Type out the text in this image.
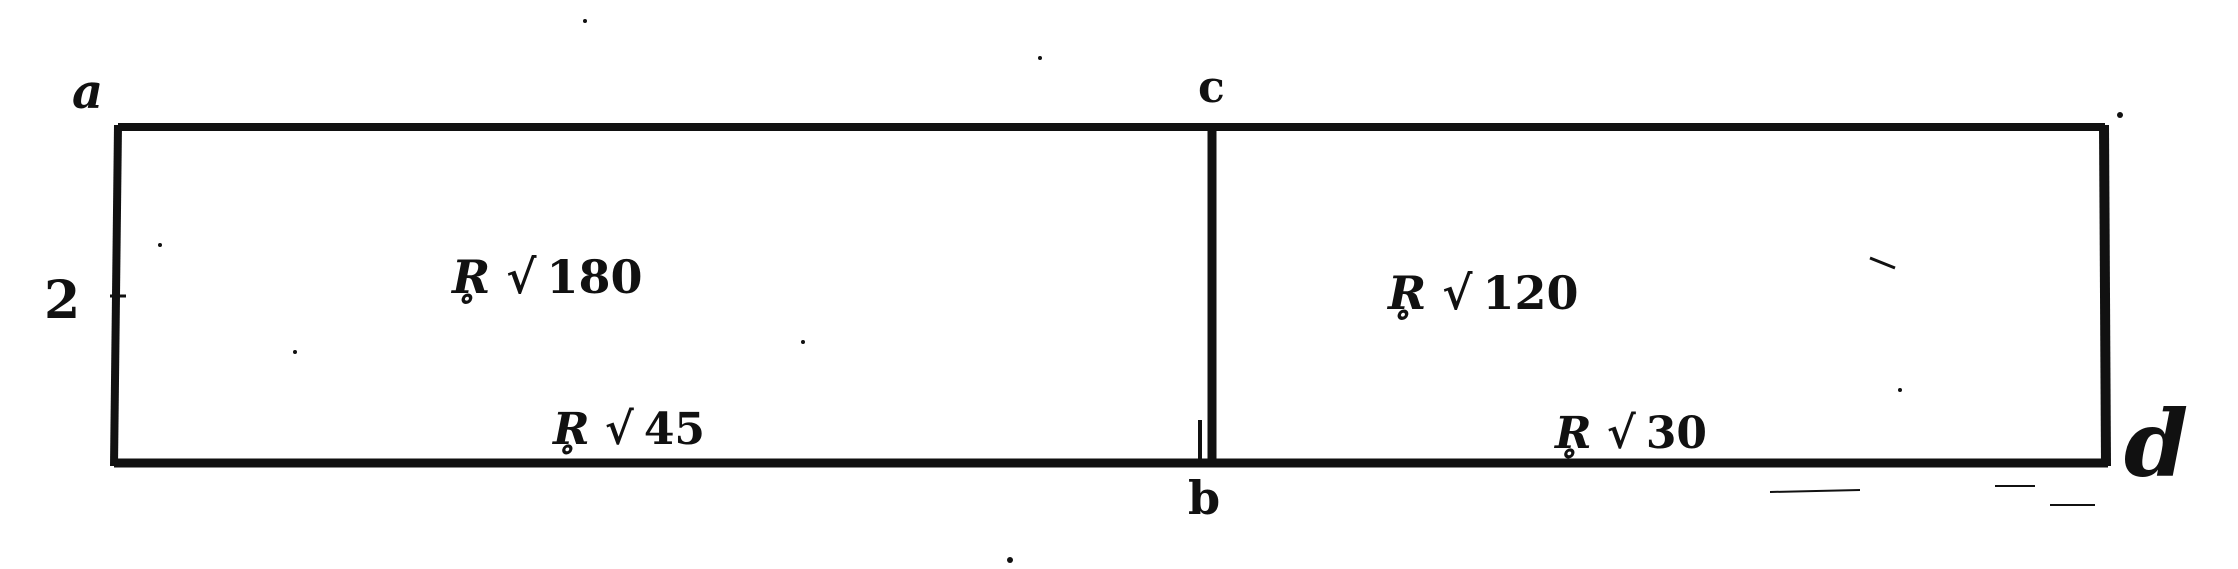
a	c
b	d
2	R̥ √ 180	R̥ √ 120
R̥ √ 45	R̥ √ 30
